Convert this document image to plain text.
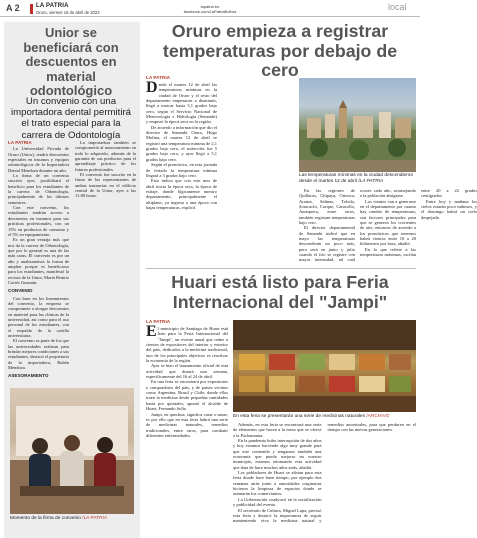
A 2	LA PATRIA
Oruro, viernes 15 de abril de 2022
lapatria.bo
facebook.com/LaPatriaBolivia	local
Unior se beneficiará con descuentos en material odontológico
Un convenio con una importadora dental permitirá el trato especial para la carrera de Odontología
LA PATRIA

La Universidad Privada de Oruro (Unior), tendrá descuentos especiales en insumos y equipos odontológicos de la Importadora Dental Mendoza durante un año.

La firma de un convenio suscrito ayer, posibilitará el beneficio para los estudiantes de la carrera de Odontología, principalmente de los últimos semestres.

Con este convenio, los estudiantes tendrán acceso a descuentos en insumos para sus prácticas profesionales, con un 15% en productos de consumo y el 5% en equipamiento.

Es un gran ventaja más que nos da la carrera de Odontología, que por lo general es una de las más caras. El convenio es por un año y analizaremos la forma de ampliar porque es beneficioso para los estudiantes, manifestó la rectora de la Unior, María Beatriz Cortés Guzmán.

CONVENIO

Con base en los lineamientos del convenio, la empresa se compromete a otorgar descuentos en material para las clínicas de la universidad, así como para el uso personal de los estudiantes, con el respaldo de la cartilla universitaria.

El convenio es parte de los que las universidades realizan para brindar mejores condiciones a sus estudiantes, destacó el propietario de la importadora, Rubén Mendoza.

ASESORAMIENTO

La importadora también se comprometió al asesoramiento en todo lo adquirido, además de la garantía de sus productos para el aprendizaje práctico de los futuros profesionales.

El convenio fue suscrito en la firma de las representantes de ambas instancias en el edificio central de la Unior, ayer a las 11:00 horas.

Momento de la firma de convenio /LA PATRIA
Oruro empieza a registrar temperaturas por debajo de cero
LA PATRIA

Desde el martes 12 de abril las temperaturas mínimas en la ciudad de Oruro y el resto del departamento empezaron a disminuir, llegó a marcar hasta 5,1 grados bajo cero, según el Servicio Nacional de Meteorología e Hidrología (Senamhi) y empezó la época seca en la región.

De acuerdo a información que dio el director de Senamhi Oruro, Hugo Molina, el martes 12 de abril se registró una temperatura mínima de 2,1 grados bajo cero, el miércoles fue 5 grados bajo cero, y ayer llegó a 5,1 grados bajo cero.

Según el pronóstico, en esta jornada de feriado la temperatura mínima llegará a 3 grados bajo cero.

Esto indica que con este mes de abril inicia la época seca, la época de estiaje, donde lógicamente nuestro departamento, principalmente el altiplano, ya ingresa a una época con bajas temperaturas, explicó.

Las temperaturas mínimas en la ciudad descendieron desde el martes 12 de abril /LA PATRIA

En las regiones de Quillacas, Chipaya, Orinoca, Aroma, Salinas, Toledo, Soracachi, Corque, Caracollo, Antequera, entre otros, también registran temperaturas bajo cero.

El director departamental de Senamhi indicó que en mayo las temperaturas descenderán un poco más, pero será en junio y julio cuando el frío se registre con mayor intensidad, tal cual ocurre cada año, aconsejando a la población abrigarse.

Los vientos van a generarse en el departamento por cuanto hay cambio de temperaturas, son factores principales para que se generen los corrientes de aire, entonces de acuerdo a los pronósticos que tenemos habrá vientos entre 10 a 20 kilómetros por hora, añadió.

En lo que refiere a las temperaturas máximas, oscilan entre 20 a 22 grados centígrados.

Entre hoy y mañana los cielos estarán poco nubosos, y el domingo habrá un cielo despejado.

Huari está listo para Feria Internacional del "Jampi"
LA PATRIA

El municipio de Santiago de Huari está listo para la Feria Internacional del "Jampi", un evento anual que reúne a cientos de expositores del interior y exterior del país, dedicados a la medicina tradicional, uno de los principales objetivos es reactivar la economía de la región.

Ayer se hizo el lanzamiento oficial de esta actividad que durará una semana, específicamente del 16 al 24 de abril.

En una feria se encontrará por expositores y compradores del país, y de países vecinos como Argentina, Brasil y Chile, donde ellos traen la medicina desde pequeñas cantidades hasta por quintales, apuntó el alcalde de Huari, Fernando Solíz.

Jampi, en quechua, significa curar o sanar, es por ello que en esta feria habrá una serie de medicinas naturales, remedios tradicionales, entre otros, para combatir diferentes enfermedades.

En esta feria se presentarán una serie de medicinas naturales /ARCHIVO

Además, en esta feria se encontrará una serie de elementos que hacen a la mesa que se ofrece a la Pachamama.

En la pandemia hubo interrupción de dos años y hoy estamos haciendo algo muy grande para que este contenido y tengamos también una economía que pueda mejorar en nuestro municipio, estamos retomando esta actividad que data de hace muchos años atrás, añadió.

Los pobladores de Huari se alistan para esta feria donde hace buen tiempo, por ejemplo dos semanas atrás junto a autoridades originarias hicieron la limpieza de espacios donde se asentarán los comerciantes.

La Gobernación coadyuvó en la socialización y publicidad del evento.

El secretario de Cultura, Miguel Lupa, precisó esta feria y destacó la importancia de seguir manteniendo viva la medicina natural y remedios ancestrales, para que perduren en el tiempo con las nuevas generaciones.
